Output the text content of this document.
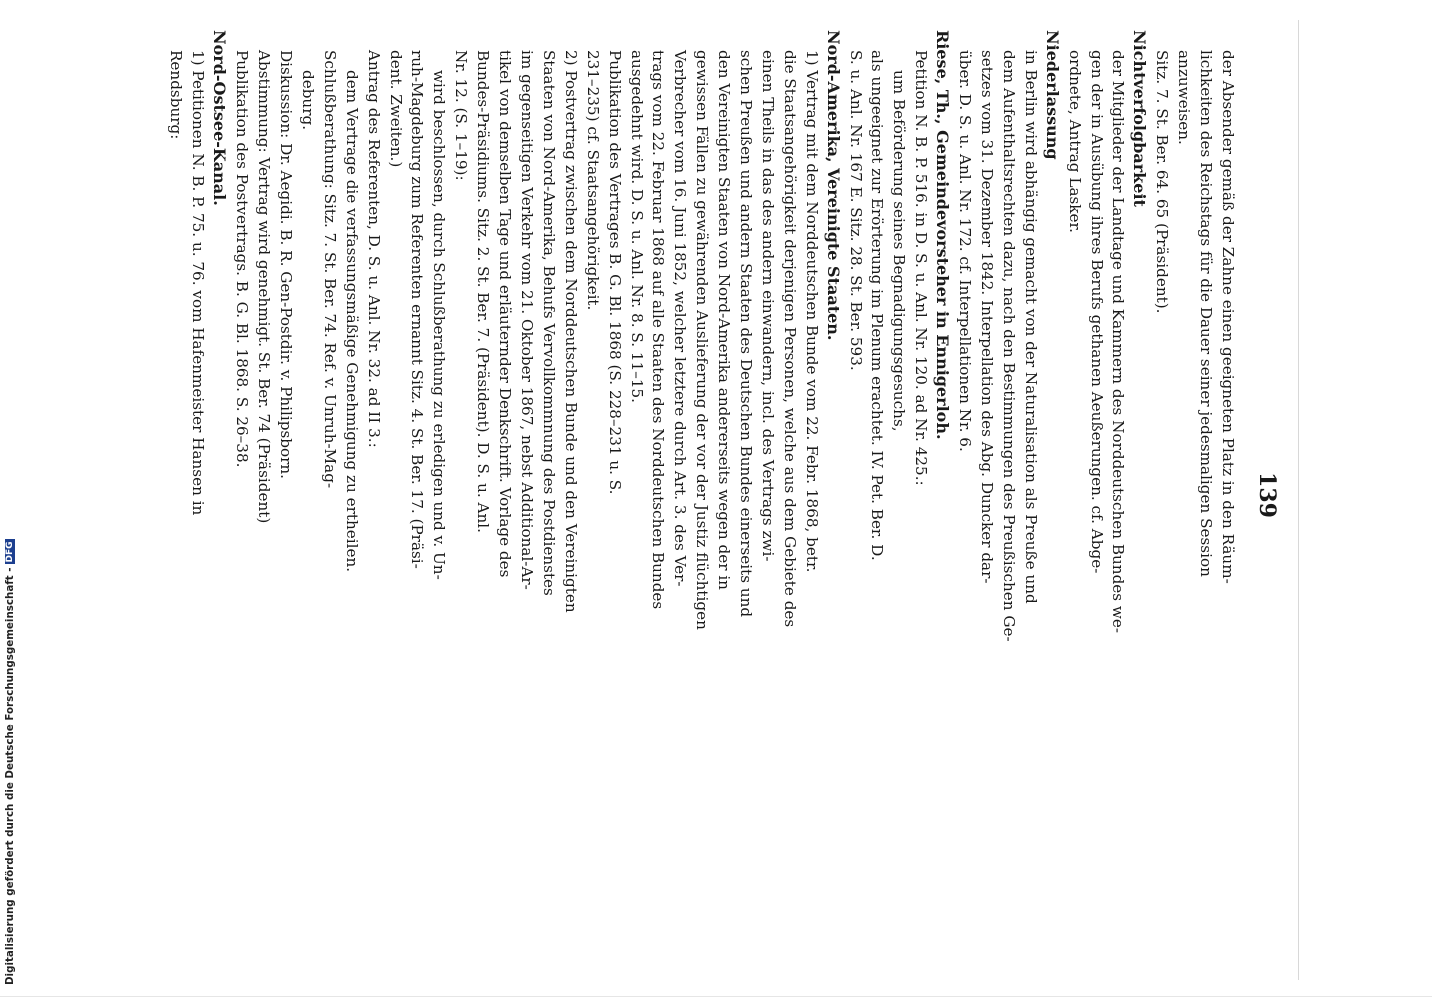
139
der Absender gemäß der Zahne einen geeigneten Platz in den Räum-
lichkeiten des Reichstags für die Dauer seiner jedesmaligen Session
anzuweisen.
Sitz. 7. St. Ber. 64. 65 (Präsident).
Nichtverfolgbarkeit
der Mitglieder der Landtage und Kammern des Norddeutschen Bundes we-
gen der in Ausübung ihres Berufs gethanen Aeußerungen. cf. Abge-
ordnete, Antrag Lasker.
Niederlassung
in Berlin wird abhängig gemacht von der Naturalisation als Preuße und
dem Aufenthaltsrechten dazu, nach den Bestimmungen des Preußischen Ge-
setzes vom 31. Dezember 1842. Interpellation des Abg. Duncker dar-
über. D. S. u. Anl. Nr. 172. cf. Interpellationen Nr. 6.
Riese, Th., Gemeindevorsteher in Ennigerloh.
Petition N. B. P. 516. in D. S. u. Anl. Nr. 120. ad Nr. 425.:
um Beförderung seines Begnadigungsgesuchs,
als ungeeignet zur Erörterung im Plenum erachtet. IV. Pet. Ber. D.
S. u. Anl. Nr. 167 E. Sitz. 28. St. Ber. 593.
Nord-Amerika, Vereinigte Staaten.
1) Vertrag mit dem Norddeutschen Bunde vom 22. Febr. 1868, betr.
die Staatsangehörigkeit derjenigen Personen, welche aus dem Gebiete des
einen Theils in das des andern einwandern, incl. des Vertrags zwi-
schen Preußen und andern Staaten des Deutschen Bundes einerseits und
den Vereinigten Staaten von Nord-Amerika andererseits wegen der in
gewissen Fällen zu gewährenden Auslieferung der vor der Justiz flüchtigen
Verbrecher vom 16. Juni 1852, welcher letztere durch Art. 3. des Ver-
trags vom 22. Februar 1868 auf alle Staaten des Norddeutschen Bundes
ausgedehnt wird. D. S. u. Anl. Nr. 8. S. 11–15.
Publikation des Vertrages B. G. Bl. 1868 (S. 228–231 u. S.
231–235) cf. Staatsangehörigkeit.
2) Postvertrag zwischen dem Norddeutschen Bunde und den Vereinigten
Staaten von Nord-Amerika, Behufs Vervollkommnung des Postdienstes
im gegenseitigen Verkehr vom 21. Oktober 1867, nebst Additional-Ar-
tikel von demselben Tage und erläuternder Denkschrift. Vorlage des
Bundes-Präsidiums. Sitz. 2. St. Ber. 7. (Präsident). D. S. u. Anl.
Nr. 12. (S. 1–19):
wird beschlossen, durch Schlußberathung zu erledigen und v. Un-
ruh-Magdeburg zum Referenten ernannt Sitz. 4. St. Ber. 17. (Präsi-
dent. Zweiten.)
Antrag des Referenten, D. S. u. Anl. Nr. 32. ad II 3.:
dem Vertrage die verfassungsmäßige Genehmigung zu ertheilen.
Schlußberathung: Sitz. 7. St. Ber. 74. Ref. v. Unruh-Mag-
deburg.
Diskussion: Dr. Aegidi. B. R. Gen-Postdir. v. Philipsborn.
Abstimmung: Vertrag wird genehmigt. St. Ber. 74 (Präsident)
Publikation des Postvertrags. B. G. Bl. 1868. S. 26–38.
Nord-Ostsee-Kanal.
1) Petitionen N. B. P. 75. u. 76. vom Hafenmeister Hansen in
Rendsburg:
Digitalisierung gefördert durch die Deutsche Forschungsgemeinschaft -DFG
